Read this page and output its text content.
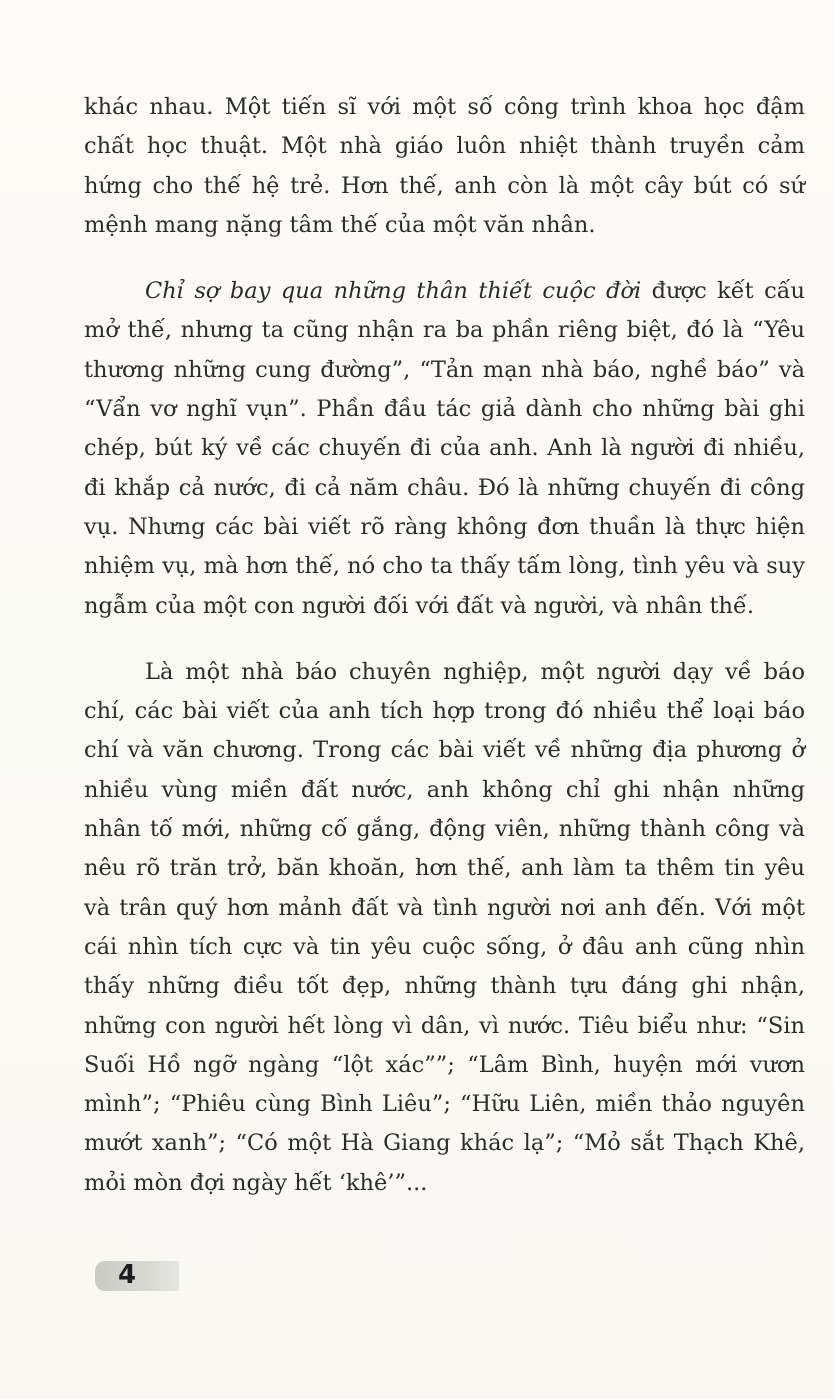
khác nhau. Một tiến sĩ với một số công trình khoa học đậm chất học thuật. Một nhà giáo luôn nhiệt thành truyền cảm hứng cho thế hệ trẻ. Hơn thế, anh còn là một cây bút có sứ mệnh mang nặng tâm thế của một văn nhân.

Chỉ sợ bay qua những thân thiết cuộc đời được kết cấu mở thế, nhưng ta cũng nhận ra ba phần riêng biệt, đó là “Yêu thương những cung đường”, “Tản mạn nhà báo, nghề báo” và “Vẩn vơ nghĩ vụn”. Phần đầu tác giả dành cho những bài ghi chép, bút ký về các chuyến đi của anh. Anh là người đi nhiều, đi khắp cả nước, đi cả năm châu. Đó là những chuyến đi công vụ. Nhưng các bài viết rõ ràng không đơn thuần là thực hiện nhiệm vụ, mà hơn thế, nó cho ta thấy tấm lòng, tình yêu và suy ngẫm của một con người đối với đất và người, và nhân thế.

Là một nhà báo chuyên nghiệp, một người dạy về báo chí, các bài viết của anh tích hợp trong đó nhiều thể loại báo chí và văn chương. Trong các bài viết về những địa phương ở nhiều vùng miền đất nước, anh không chỉ ghi nhận những nhân tố mới, những cố gắng, động viên, những thành công và nêu rõ trăn trở, băn khoăn, hơn thế, anh làm ta thêm tin yêu và trân quý hơn mảnh đất và tình người nơi anh đến. Với một cái nhìn tích cực và tin yêu cuộc sống, ở đâu anh cũng nhìn thấy những điều tốt đẹp, những thành tựu đáng ghi nhận, những con người hết lòng vì dân, vì nước. Tiêu biểu như: “Sin Suối Hồ ngỡ ngàng “lột xác””; “Lâm Bình, huyện mới vươn mình”; “Phiêu cùng Bình Liêu”; “Hữu Liên, miền thảo nguyên mướt xanh”; “Có một Hà Giang khác lạ”; “Mỏ sắt Thạch Khê, mỏi mòn đợi ngày hết ‘khê’”...

4
